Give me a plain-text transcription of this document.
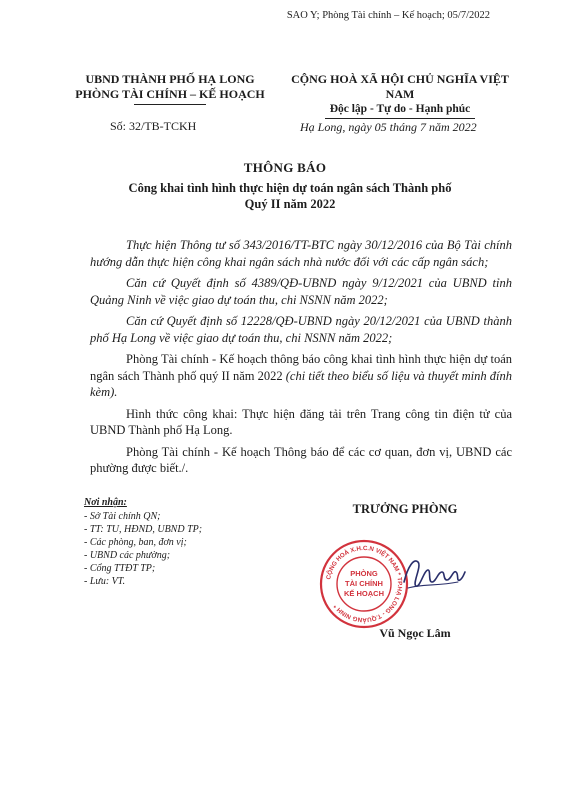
SAO Y; Phòng Tài chính – Kế hoạch; 05/7/2022
UBND THÀNH PHỐ HẠ LONG
PHÒNG TÀI CHÍNH – KẾ HOẠCH
CỘNG HOÀ XÃ HỘI CHỦ NGHĨA VIỆT NAM
Độc lập - Tự do - Hạnh phúc
Số: 32/TB-TCKH	Hạ Long, ngày 05 tháng 7 năm 2022
THÔNG BÁO
Công khai tình hình thực hiện dự toán ngân sách Thành phố
Quý II năm 2022

Thực hiện Thông tư số 343/2016/TT-BTC ngày 30/12/2016 của Bộ Tài chính hướng dẫn thực hiện công khai ngân sách nhà nước đối với các cấp ngân sách;

Căn cứ Quyết định số 4389/QĐ-UBND ngày 9/12/2021 của UBND tỉnh Quảng Ninh về việc giao dự toán thu, chi NSNN năm 2022;

Căn cứ Quyết định số 12228/QĐ-UBND ngày 20/12/2021 của UBND thành phố Hạ Long về việc giao dự toán thu, chi NSNN năm 2022;

Phòng Tài chính - Kế hoạch thông báo công khai tình hình thực hiện dự toán ngân sách Thành phố quý II năm 2022 (chi tiết theo biểu số liệu và thuyết minh đính kèm).

Hình thức công khai: Thực hiện đăng tải trên Trang công tin điện tử của UBND Thành phố Hạ Long.

Phòng Tài chính - Kế hoạch Thông báo để các cơ quan, đơn vị, UBND các phường được biết./.

Nơi nhận:
- Sở Tài chính QN;
- TT: TU, HĐND, UBND TP;
- Các phòng, ban, đơn vị;
- UBND các phường;
- Cổng TTĐT TP;
- Lưu: VT.
TRƯỞNG PHÒNG
CỘNG HOÀ X.H.C.N VIỆT NAM * TP.HẠ LONG - T.QUẢNG NINH *
PHÒNG
TÀI CHÍNH
KẾ HOẠCH
Vũ Ngọc Lâm
